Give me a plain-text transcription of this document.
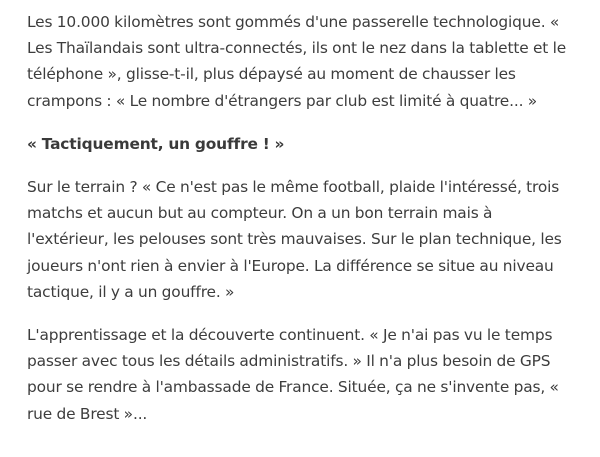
Les 10.000 kilomètres sont gommés d'une passerelle technologique. « Les Thaïlandais sont ultra-connectés, ils ont le nez dans la tablette et le téléphone », glisse-t-il, plus dépaysé au moment de chausser les crampons : « Le nombre d'étrangers par club est limité à quatre... »

« Tactiquement, un gouffre ! »

Sur le terrain ? « Ce n'est pas le même football, plaide l'intéressé, trois matchs et aucun but au compteur. On a un bon terrain mais à l'extérieur, les pelouses sont très mauvaises. Sur le plan technique, les joueurs n'ont rien à envier à l'Europe. La différence se situe au niveau tactique, il y a un gouffre. »

L'apprentissage et la découverte continuent. « Je n'ai pas vu le temps passer avec tous les détails administratifs. » Il n'a plus besoin de GPS pour se rendre à l'ambassade de France. Située, ça ne s'invente pas, « rue de Brest »...
